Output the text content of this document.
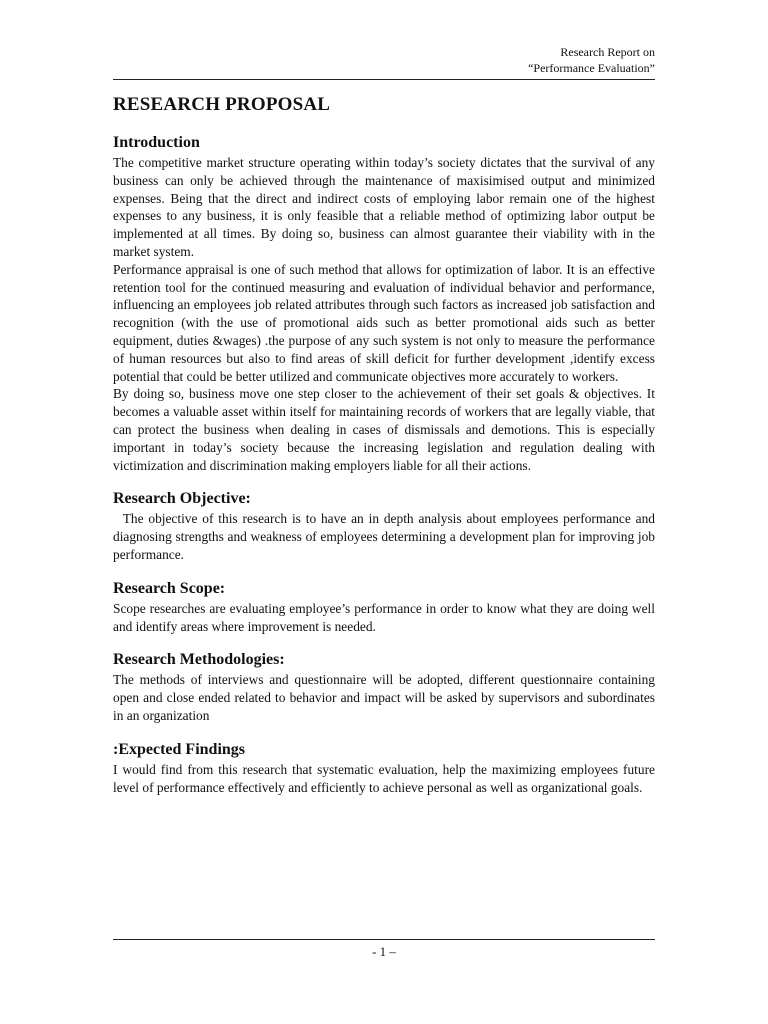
Research Report on
“Performance Evaluation”
RESEARCH PROPOSAL
Introduction

The competitive market structure operating within today’s society dictates that the survival of any business can only be achieved through the maintenance of maxisimised output and minimized expenses. Being that the direct and indirect costs of employing labor remain one of the highest expenses to any business, it is only feasible that a reliable method of optimizing labor output be implemented at all times. By doing so, business can almost guarantee their viability with in the market system.

Performance appraisal is one of such method that allows for optimization of labor. It is an effective retention tool for the continued measuring and evaluation of individual behavior and performance, influencing an employees job related attributes through such factors as increased job satisfaction and recognition (with the use of promotional aids such as better promotional aids such as better equipment, duties &wages) .the purpose of any such system is not only to measure the performance of human resources but also to find areas of skill deficit for further development ,identify excess potential that could be better utilized and communicate objectives more accurately to workers.

By doing so, business move one step closer to the achievement of their set goals & objectives. It becomes a valuable asset within itself for maintaining records of workers that are legally viable, that can protect the business when dealing in cases of dismissals and demotions. This is especially important in today’s society because the increasing legislation and regulation dealing with victimization and discrimination making employers liable for all their actions.

Research Objective:

The objective of this research is to have an in depth analysis about employees performance and diagnosing strengths and weakness of employees determining a development plan for improving job performance.

Research Scope:

Scope researches are evaluating employee’s performance in order to know what they are doing well and identify areas where improvement is needed.

Research Methodologies:

The methods of interviews and questionnaire will be adopted, different questionnaire containing open and close ended related to behavior and impact will be asked by supervisors and subordinates in an organization

:Expected Findings

I would find from this research that systematic evaluation, help the maximizing employees future level of performance effectively and efficiently to achieve personal as well as organizational goals.

- 1 –
